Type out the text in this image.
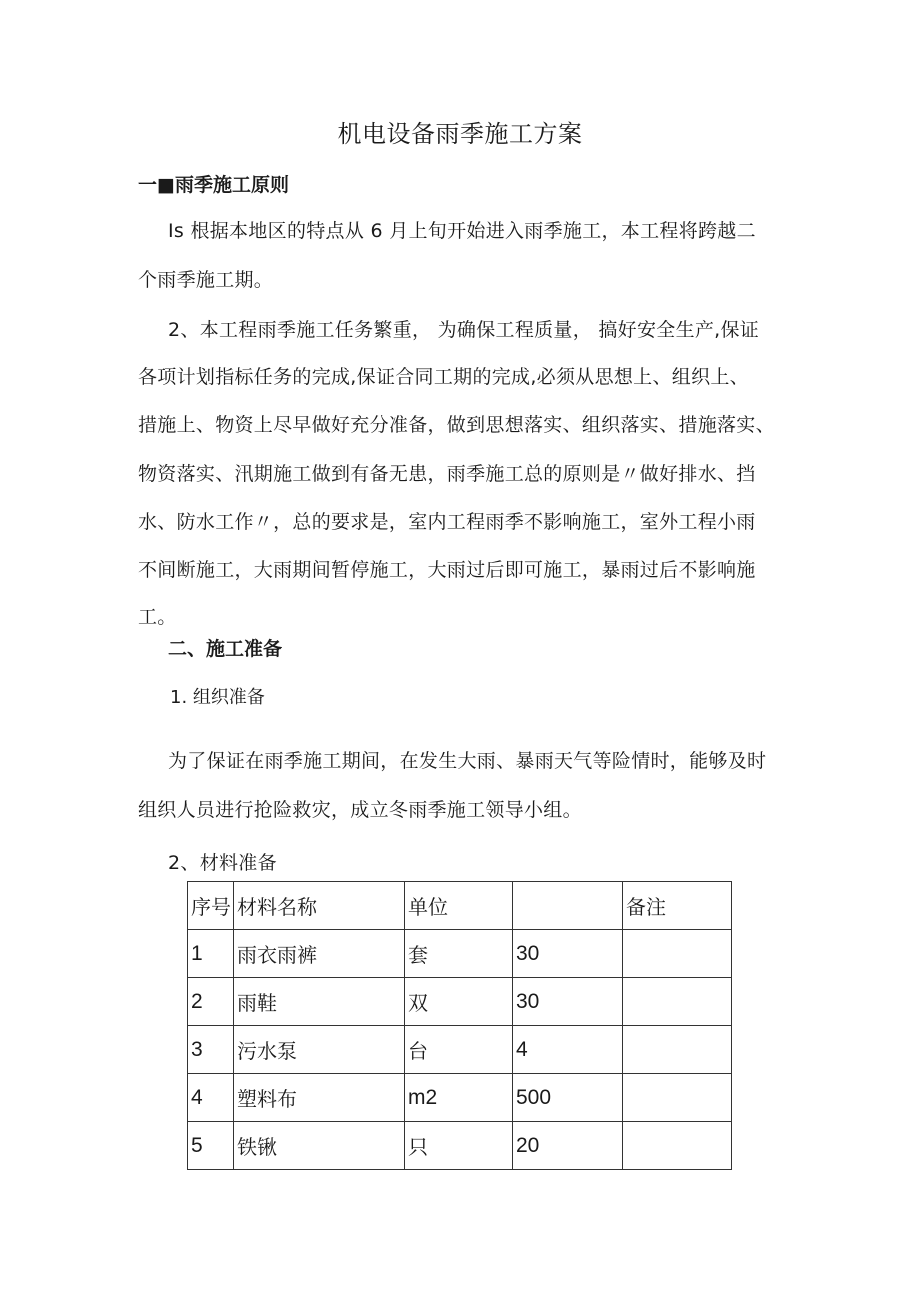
机电设备雨季施工方案
一■雨季施工原则
Is 根据本地区的特点从 6 月上旬开始进入雨季施工，本工程将跨越二
个雨季施工期。
2、本工程雨季施工任务繁重， 为确保工程质量， 搞好安全生产,保证
各项计划指标任务的完成,保证合同工期的完成,必须从思想上、组织上、
措施上、物资上尽早做好充分准备，做到思想落实、组织落实、措施落实、
物资落实、汛期施工做到有备无患，雨季施工总的原则是〃做好排水、挡
水、防水工作〃，总的要求是，室内工程雨季不影响施工，室外工程小雨
不间断施工，大雨期间暂停施工，大雨过后即可施工，暴雨过后不影响施
工。
二、施工准备
1. 组织准备
为了保证在雨季施工期间，在发生大雨、暴雨天气等险情时，能够及时
组织人员进行抢险救灾，成立冬雨季施工领导小组。
2、材料准备
序号	材料名称	单位		备注
1	雨衣雨裤	套	30	
2	雨鞋	双	30	
3	污水泵	台	4	
4	塑料布	m2	500	
5	铁锹	只	20	
